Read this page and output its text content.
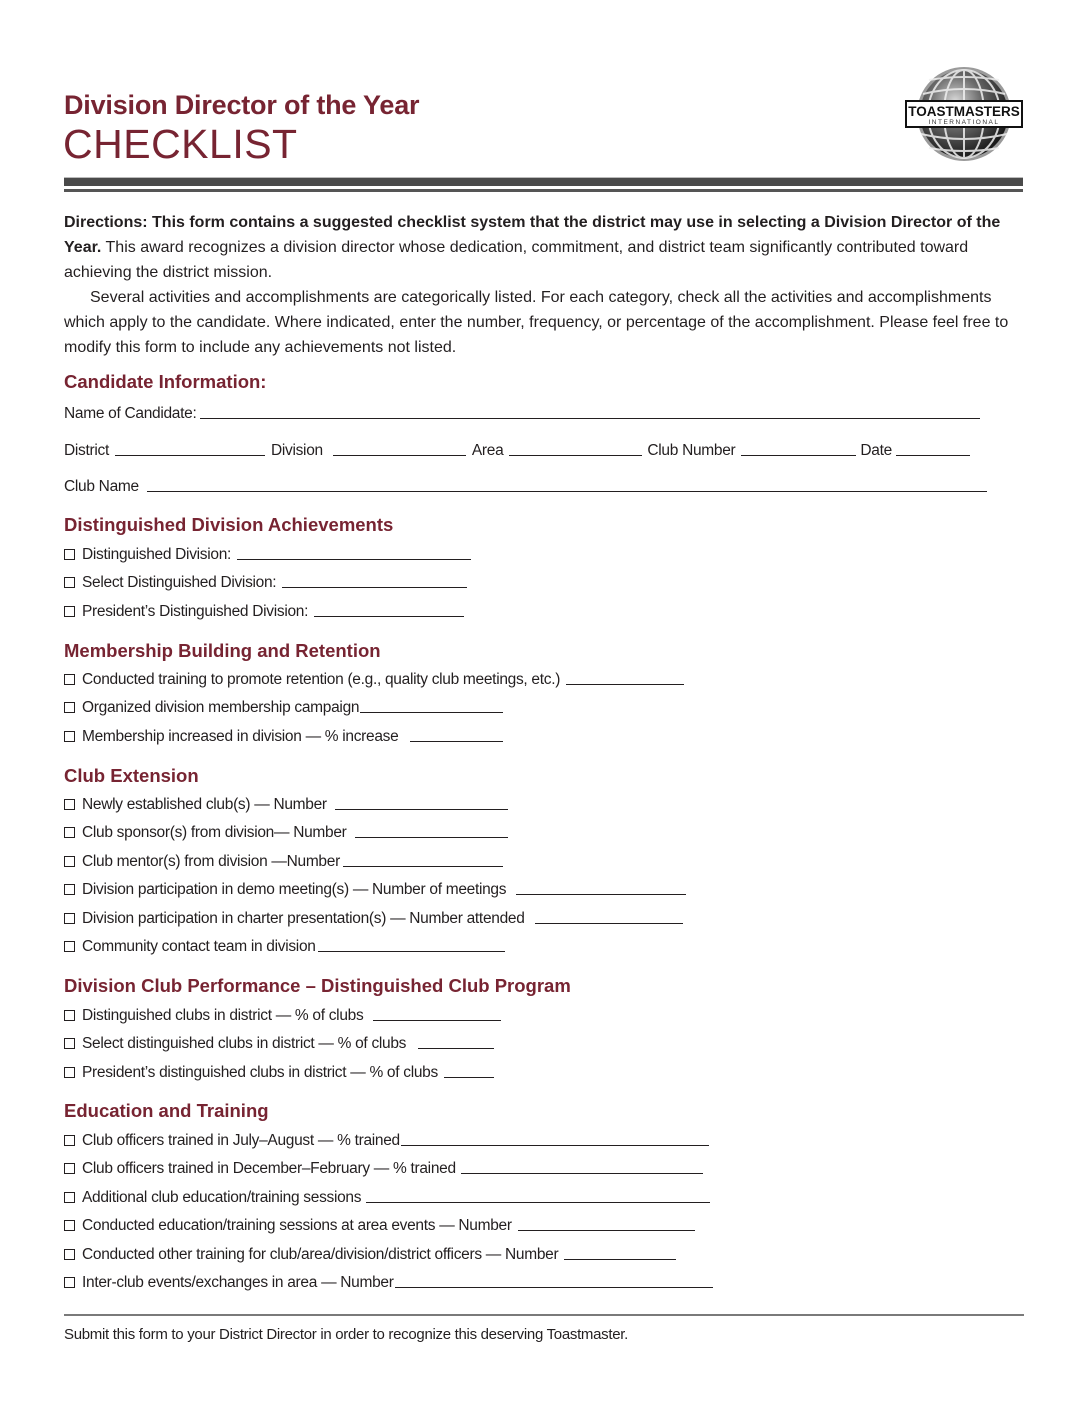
Division Director of the Year
CHECKLIST
TOASTMASTERS
INTERNATIONAL
Directions: This form contains a suggested checklist system that the district may use in selecting a Division Director of the Year. This award recognizes a division director whose dedication, commitment, and district team significantly contributed toward achieving the district mission.
Several activities and accomplishments are categorically listed. For each category, check all the activities and accomplishments which apply to the candidate. Where indicated, enter the number, frequency, or percentage of the accomplishment. Please feel free to modify this form to include any achievements not listed.
Candidate Information:
Name of Candidate:
District	Division	Area	Club Number	Date
Club Name
Distinguished Division Achievements
Distinguished Division:
Select Distinguished Division:
President’s Distinguished Division:
Membership Building and Retention
Conducted training to promote retention (e.g., quality club meetings, etc.)
Organized division membership campaign
Membership increased in division — % increase
Club Extension
Newly established club(s) — Number
Club sponsor(s) from division— Number
Club mentor(s) from division —Number
Division participation in demo meeting(s) — Number of meetings
Division participation in charter presentation(s) — Number attended
Community contact team in division
Division Club Performance – Distinguished Club Program
Distinguished clubs in district — % of clubs
Select distinguished clubs in district — % of clubs
President’s distinguished clubs in district — % of clubs
Education and Training
Club officers trained in July–August — % trained
Club officers trained in December–February — % trained
Additional club education/training sessions
Conducted education/training sessions at area events — Number
Conducted other training for club/area/division/district officers — Number
Inter-club events/exchanges in area — Number
Submit this form to your District Director in order to recognize this deserving Toastmaster.
